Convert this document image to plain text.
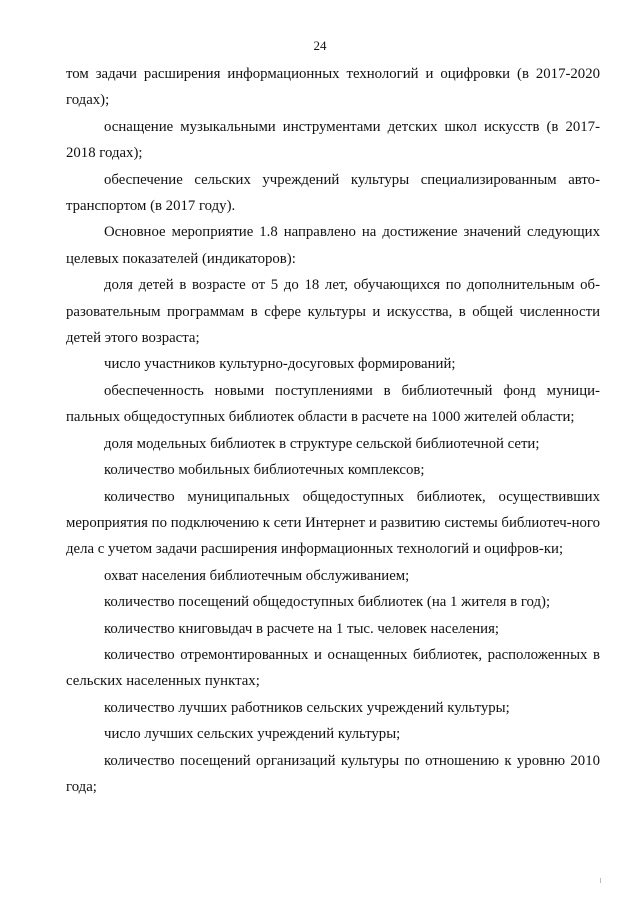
24

том задачи расширения информационных технологий и оцифровки (в 2017-2020 годах);

оснащение музыкальными инструментами детских школ искусств (в 2017-2018 годах);

обеспечение сельских учреждений культуры специализированным авто-транспортом (в 2017 году).

Основное мероприятие 1.8 направлено на достижение значений следующих целевых показателей (индикаторов):

доля детей в возрасте от 5 до 18 лет, обучающихся по дополнительным об-разовательным программам в сфере культуры и искусства, в общей численности детей этого возраста;

число участников культурно-досуговых формирований;

обеспеченность новыми поступлениями в библиотечный фонд муници-пальных общедоступных библиотек области в расчете на 1000 жителей области;

доля модельных библиотек в структуре сельской библиотечной сети;

количество мобильных библиотечных комплексов;

количество муниципальных общедоступных библиотек, осуществивших мероприятия по подключению к сети Интернет и развитию системы библиотеч-ного дела с учетом задачи расширения информационных технологий и оцифров-ки;

охват населения библиотечным обслуживанием;

количество посещений общедоступных библиотек (на 1 жителя в год);

количество книговыдач в расчете на 1 тыс. человек населения;

количество отремонтированных и оснащенных библиотек, расположенных в сельских населенных пунктах;

количество лучших работников сельских учреждений культуры;

число лучших сельских учреждений культуры;

количество посещений организаций культуры по отношению к уровню 2010 года;
